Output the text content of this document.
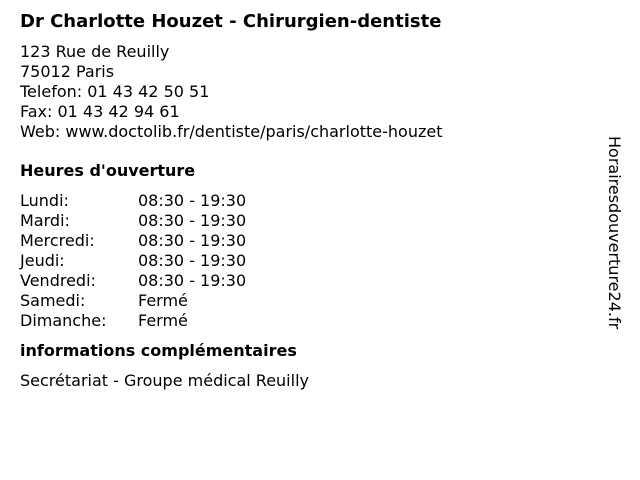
Dr Charlotte Houzet - Chirurgien-dentiste
123 Rue de Reuilly
75012 Paris
Telefon: 01 43 42 50 51
Fax: 01 43 42 94 61
Web: www.doctolib.fr/dentiste/paris/charlotte-houzet
Heures d'ouverture
Lundi:	08:30 - 19:30
Mardi:	08:30 - 19:30
Mercredi:	08:30 - 19:30
Jeudi:	08:30 - 19:30
Vendredi:	08:30 - 19:30
Samedi:	Fermé
Dimanche: Fermé
informations complémentaires
Secrétariat - Groupe médical Reuilly
Horairesdouverture24.fr
